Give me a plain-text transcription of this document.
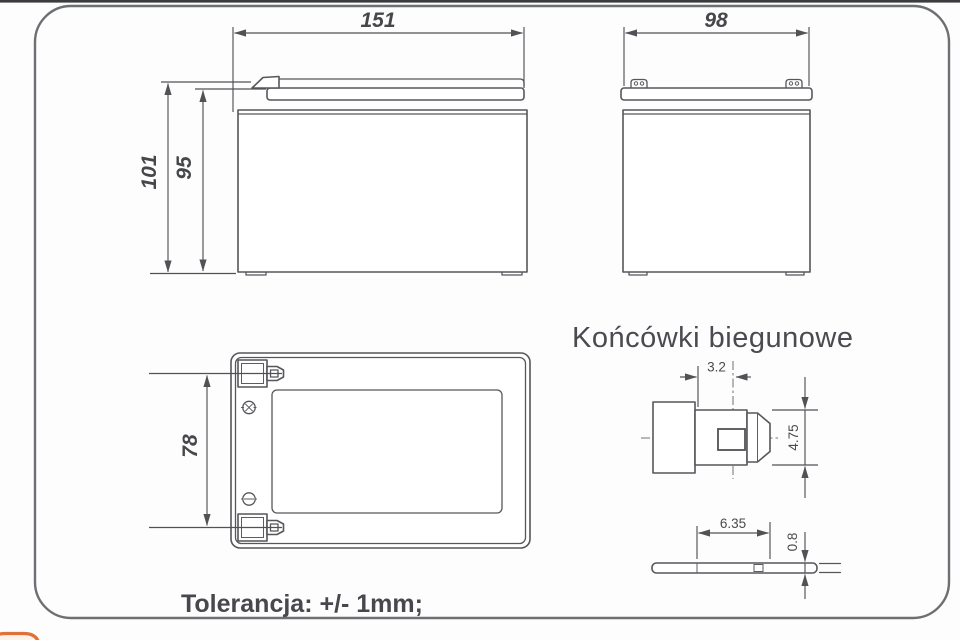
151
101 95
98
78
Końcówki biegunowe
3.2
4.75
6.35
0.8
Tolerancja: +/- 1mm;
